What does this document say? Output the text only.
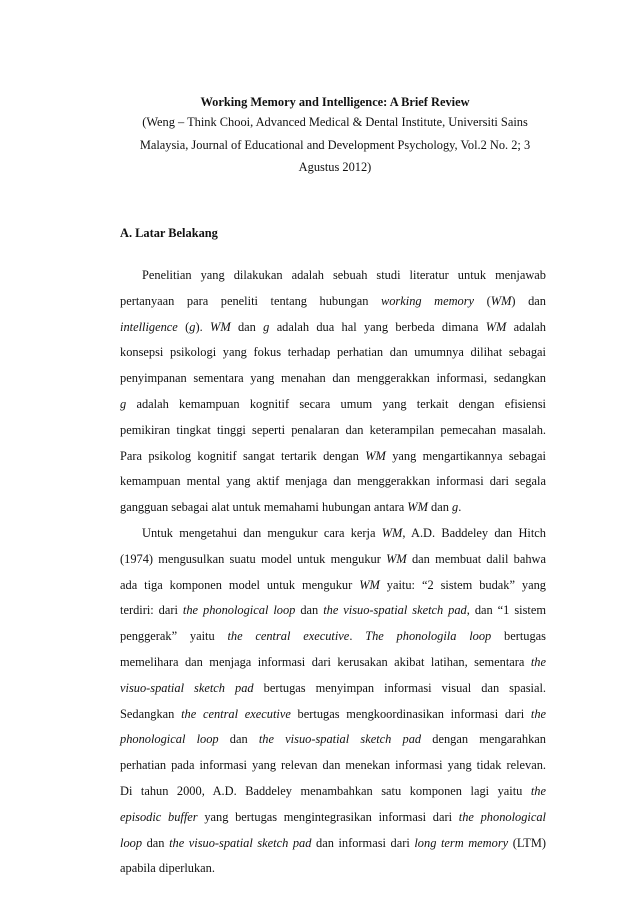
Working Memory and Intelligence: A Brief Review
(Weng – Think Chooi, Advanced Medical & Dental Institute, Universiti Sains
Malaysia, Journal of Educational and Development Psychology, Vol.2 No. 2; 3
Agustus 2012)
A. Latar Belakang
Penelitian yang dilakukan adalah sebuah studi literatur untuk menjawab
pertanyaan para peneliti tentang hubungan working memory (WM) dan
intelligence (g). WM dan g adalah dua hal yang berbeda dimana WM adalah
konsepsi psikologi yang fokus terhadap perhatian dan umumnya dilihat sebagai
penyimpanan sementara yang menahan dan menggerakkan informasi, sedangkan
g adalah kemampuan kognitif secara umum yang terkait dengan efisiensi
pemikiran tingkat tinggi seperti penalaran dan keterampilan pemecahan masalah.
Para psikolog kognitif sangat tertarik dengan WM yang mengartikannya sebagai
kemampuan mental yang aktif menjaga dan menggerakkan informasi dari segala
gangguan sebagai alat untuk memahami hubungan antara WM dan g.
Untuk mengetahui dan mengukur cara kerja WM, A.D. Baddeley dan Hitch
(1974) mengusulkan suatu model untuk mengukur WM dan membuat dalil bahwa
ada tiga komponen model untuk mengukur WM yaitu: “2 sistem budak” yang
terdiri: dari the phonological loop dan the visuo-spatial sketch pad, dan “1 sistem
penggerak” yaitu the central executive. The phonologila loop bertugas
memelihara dan menjaga informasi dari kerusakan akibat latihan, sementara the
visuo-spatial sketch pad bertugas menyimpan informasi visual dan spasial.
Sedangkan the central executive bertugas mengkoordinasikan informasi dari the
phonological loop dan the visuo-spatial sketch pad dengan mengarahkan
perhatian pada informasi yang relevan dan menekan informasi yang tidak relevan.
Di tahun 2000, A.D. Baddeley menambahkan satu komponen lagi yaitu the
episodic buffer yang bertugas mengintegrasikan informasi dari the phonological
loop dan the visuo-spatial sketch pad dan informasi dari long term memory (LTM)
apabila diperlukan.
